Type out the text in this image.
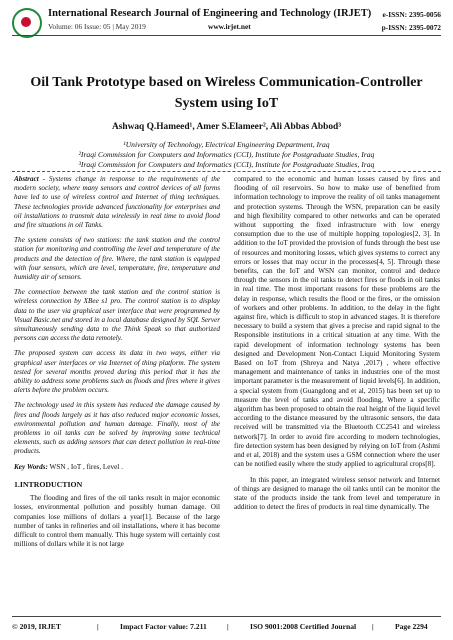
International Research Journal of Engineering and Technology (IRJET)
Volume: 06 Issue: 05 | May 2019	www.irjet.net
e-ISSN: 2395-0056
p-ISSN: 2395-0072
Oil Tank Prototype based on Wireless Communication-Controller
System using IoT
Ashwaq Q.Hameed¹, Amer S.Elameer², Ali Abbas Abbod³
¹University of Technology, Electrical Engineering Department, Iraq
²Iraqi Commission for Computers and Informatics (CCI), Institute for Postgraduate Studies, Iraq
³Iraqi Commission for Computers and Informatics (CCI), Institute for Postgraduate Studies, Iraq

Abstract - Systems change in response to the requirements of the modern society, where many sensors and control devices of all forms have led to use of wireless control and Internet of thing techniques. These technologies provide advanced functionality for enterprises and oil installations to transmit data wirelessly in real time to avoid flood and fire situations in oil Tanks.

The system consists of two stations: the tank station and the control station for monitoring and controlling the level and temperature of the products and the detection of fire. Where, the tank station is equipped with four sensors, which are level, temperature, fire, temperature and humidity air of sensors.

The connection between the tank station and the control station is wireless connection by XBee s1 pro. The control station is to display data to the user via graphical user interface that were programmed by Visual Basic.net and stored in a local database designed by SQL Server simultaneously sending data to the Think Speak so that authorized persons can access the data remotely.

The proposed system can access its data in two ways, either via graphical user interfaces or via Internet of thing platform. The system tested for several months proved during this period that it has the ability to address some problems such as floods and fires where it gives alerts before the problem occurs.

The technology used in this system has reduced the damage caused by fires and floods largely as it has also reduced major economic losses, environmental pollution and human damage. Finally, most of the problems in oil tanks can be solved by improving some technical elements, such as adding sensors that can detect pollution in real-time products.

Key Words: WSN , IoT , fires, Level .

1.INTRODUCTION

The flooding and fires of the oil tanks result in major economic losses, environmental pollution and possibly human damage. Oil companies lose millions of dollars a year[1]. Because of the large number of tanks in refineries and oil installations, where it has become difficult to control them manually. This huge system will certainly cost millions of dollars while it is not large

compared to the economic and human losses caused by fires and flooding of oil reservoirs. So how to make use of benefited from information technology to improve the reality of oil tanks management and protection systems. Through the WSN, preparation can be easily and high flexibility compared to other networks and can be operated without supporting the fixed infrastructure with low energy consumption due to the use of multiple hopping topologies[2, 3]. In addition to the IoT provided the provision of funds through the best use of resources and monitoring losses, which gives systems to correct any errors or losses that may occur in the processes[4, 5]. Through these benefits, can the IoT and WSN can monitor, control and deduce through the sensors in the oil tanks to detect fires or floods in oil tanks in real time. The most important reasons for these problems are the delay in response, which results the flood or the fires, or the omission of workers and other problems. In addition, to the delay in the fight against fire, which is difficult to stop in advanced stages. It is therefore necessary to build a system that gives a precise and rapid signal to the Responsible institutions in a critical situation at any time. With the rapid development of information technology systems has been designed and Development Non-Contact Liquid Monitoring System Based on IoT from (Shreya and Natya ,2017) , where effective management and maintenance of tanks in industries one of the most important parameter is the measurement of liquid levels[6]. In addition, a special system from (Guangdong and et al, 2015) has been set up to measure the level of tanks and avoid flooding, Where a specific algorithm has been proposed to obtain the real height of the liquid level according to the distance measured by the ultrasonic sensors, the data received will be transmitted via the Bluetooth CC2541 and wireless network[7]. In order to avoid fire according to modern technologies, fire detection system has been designed by relying on IoT from (Ashmi and et al, 2018) and the system uses a GSM connection where the user can be notified easily where the study applied to agricultural crops[8].

In this paper, an integrated wireless sensor network and Internet of things are designed to manage the oil tanks until can be monitor the state of the products inside the tank from level and temperature in addition to detect the fires of products in real time dynamically. The

© 2019, IRJET	|	Impact Factor value: 7.211	|	ISO 9001:2008 Certified Journal |	Page 2294
